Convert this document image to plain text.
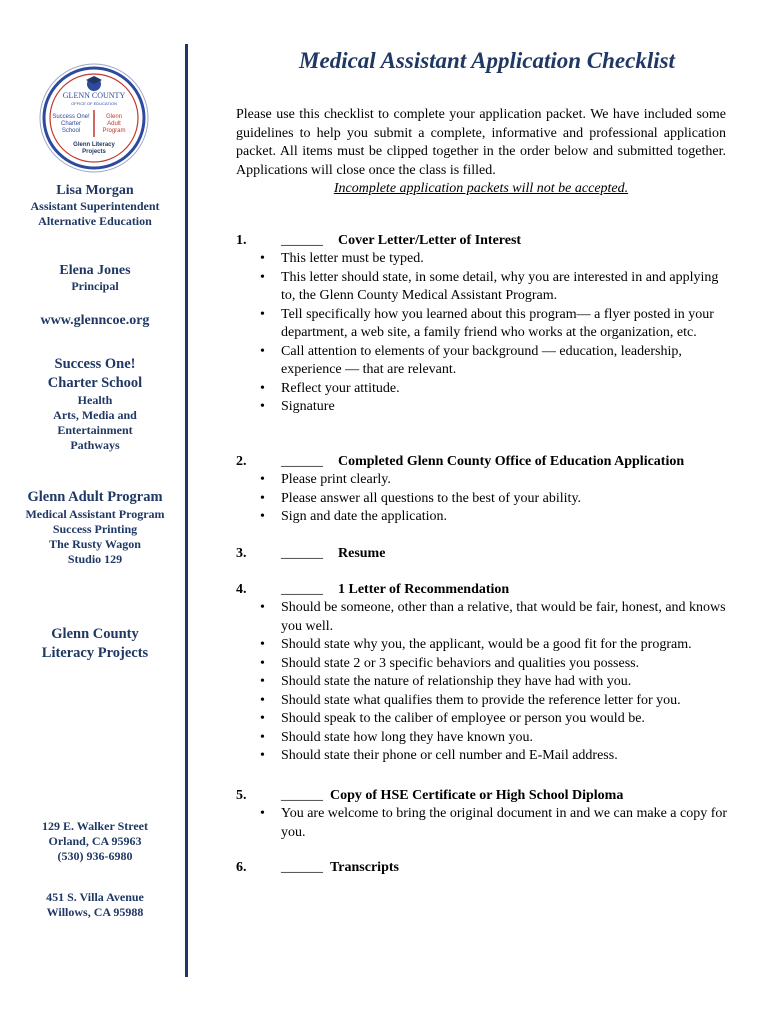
GLENN COUNTY
OFFICE OF EDUCATION
Success One!
Charter
School
Glenn
Adult
Program
Glenn Literacy
Projects
Lisa Morgan
Assistant Superintendent
Alternative Education
Elena Jones
Principal
www.glenncoe.org
Success One!
Charter School
Health
Arts, Media and
Entertainment
Pathways
Glenn Adult Program
Medical Assistant Program
Success Printing
The Rusty Wagon
Studio 129
Glenn County
Literacy Projects
129 E. Walker Street
Orland, CA 95963
(530) 936-6980
451 S. Villa Avenue
Willows, CA 95988
Medical Assistant Application Checklist
Please use this checklist to complete your application packet. We have included some guidelines to help you submit a complete, informative and professional application packet. All items must be clipped together in the order below and submitted together. Applications will close once the class is filled.
Incomplete application packets will not be accepted.
1. ______ Cover Letter/Letter of Interest
• This letter must be typed.
• This letter should state, in some detail, why you are interested in and applying to, the Glenn County Medical Assistant Program.
• Tell specifically how you learned about this program— a flyer posted in your department, a web site, a family friend who works at the organization, etc.
• Call attention to elements of your background — education, leadership, experience — that are relevant.
• Reflect your attitude.
• Signature
2. ______ Completed Glenn County Office of Education Application
• Please print clearly.
• Please answer all questions to the best of your ability.
• Sign and date the application.
3. ______ Resume
4. ______ 1 Letter of Recommendation
• Should be someone, other than a relative, that would be fair, honest, and knows you well.
• Should state why you, the applicant, would be a good fit for the program.
• Should state 2 or 3 specific behaviors and qualities you possess.
• Should state the nature of relationship they have had with you.
• Should state what qualifies them to provide the reference letter for you.
• Should speak to the caliber of employee or person you would be.
• Should state how long they have known you.
• Should state their phone or cell number and E-Mail address.
5. ______ Copy of HSE Certificate or High School Diploma
• You are welcome to bring the original document in and we can make a copy for you.
6. ______ Transcripts
